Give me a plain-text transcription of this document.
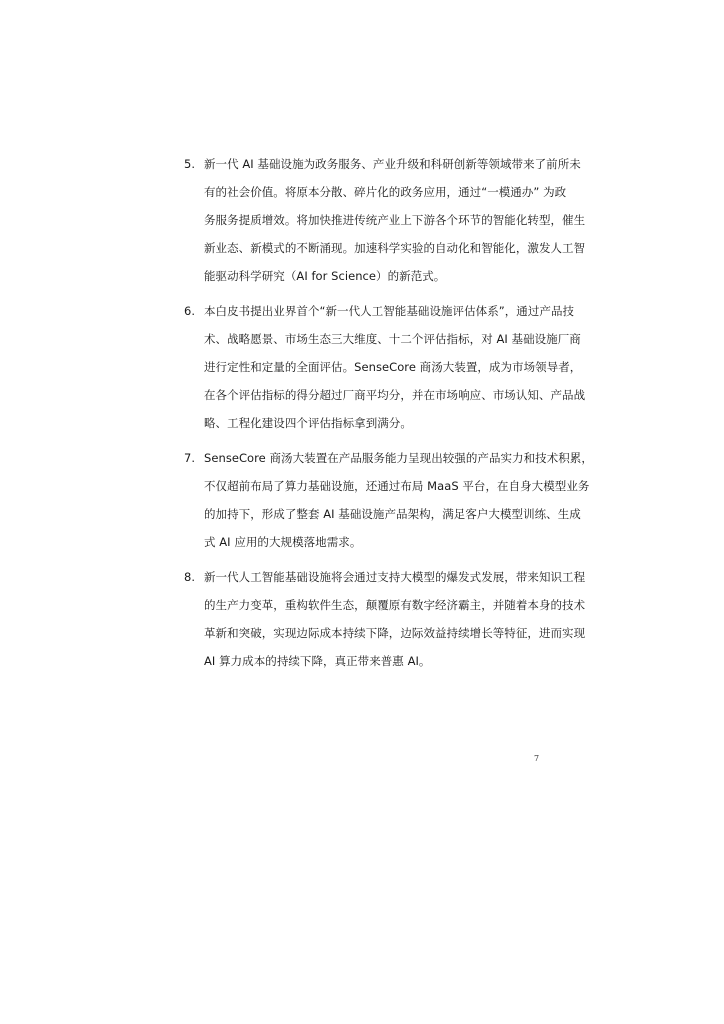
5. 新一代 AI 基础设施为政务服务、产业升级和科研创新等领域带来了前所未
有的社会价值。将原本分散、碎片化的政务应用，通过“一模通办” 为政
务服务提质增效。将加快推进传统产业上下游各个环节的智能化转型，催生
新业态、新模式的不断涌现。加速科学实验的自动化和智能化，激发人工智
能驱动科学研究（AI for Science）的新范式。
6. 本白皮书提出业界首个“新一代人工智能基础设施评估体系”，通过产品技
术、战略愿景、市场生态三大维度、十二个评估指标，对 AI 基础设施厂商
进行定性和定量的全面评估。SenseCore 商汤大装置，成为市场领导者，
在各个评估指标的得分超过厂商平均分，并在市场响应、市场认知、产品战
略、工程化建设四个评估指标拿到满分。
7. SenseCore 商汤大装置在产品服务能力呈现出较强的产品实力和技术积累，
不仅超前布局了算力基础设施，还通过布局 MaaS 平台，在自身大模型业务
的加持下，形成了整套 AI 基础设施产品架构，满足客户大模型训练、生成
式 AI 应用的大规模落地需求。
8. 新一代人工智能基础设施将会通过支持大模型的爆发式发展，带来知识工程
的生产力变革，重构软件生态，颠覆原有数字经济霸主，并随着本身的技术
革新和突破，实现边际成本持续下降，边际效益持续增长等特征，进而实现
AI 算力成本的持续下降，真正带来普惠 AI。
7
